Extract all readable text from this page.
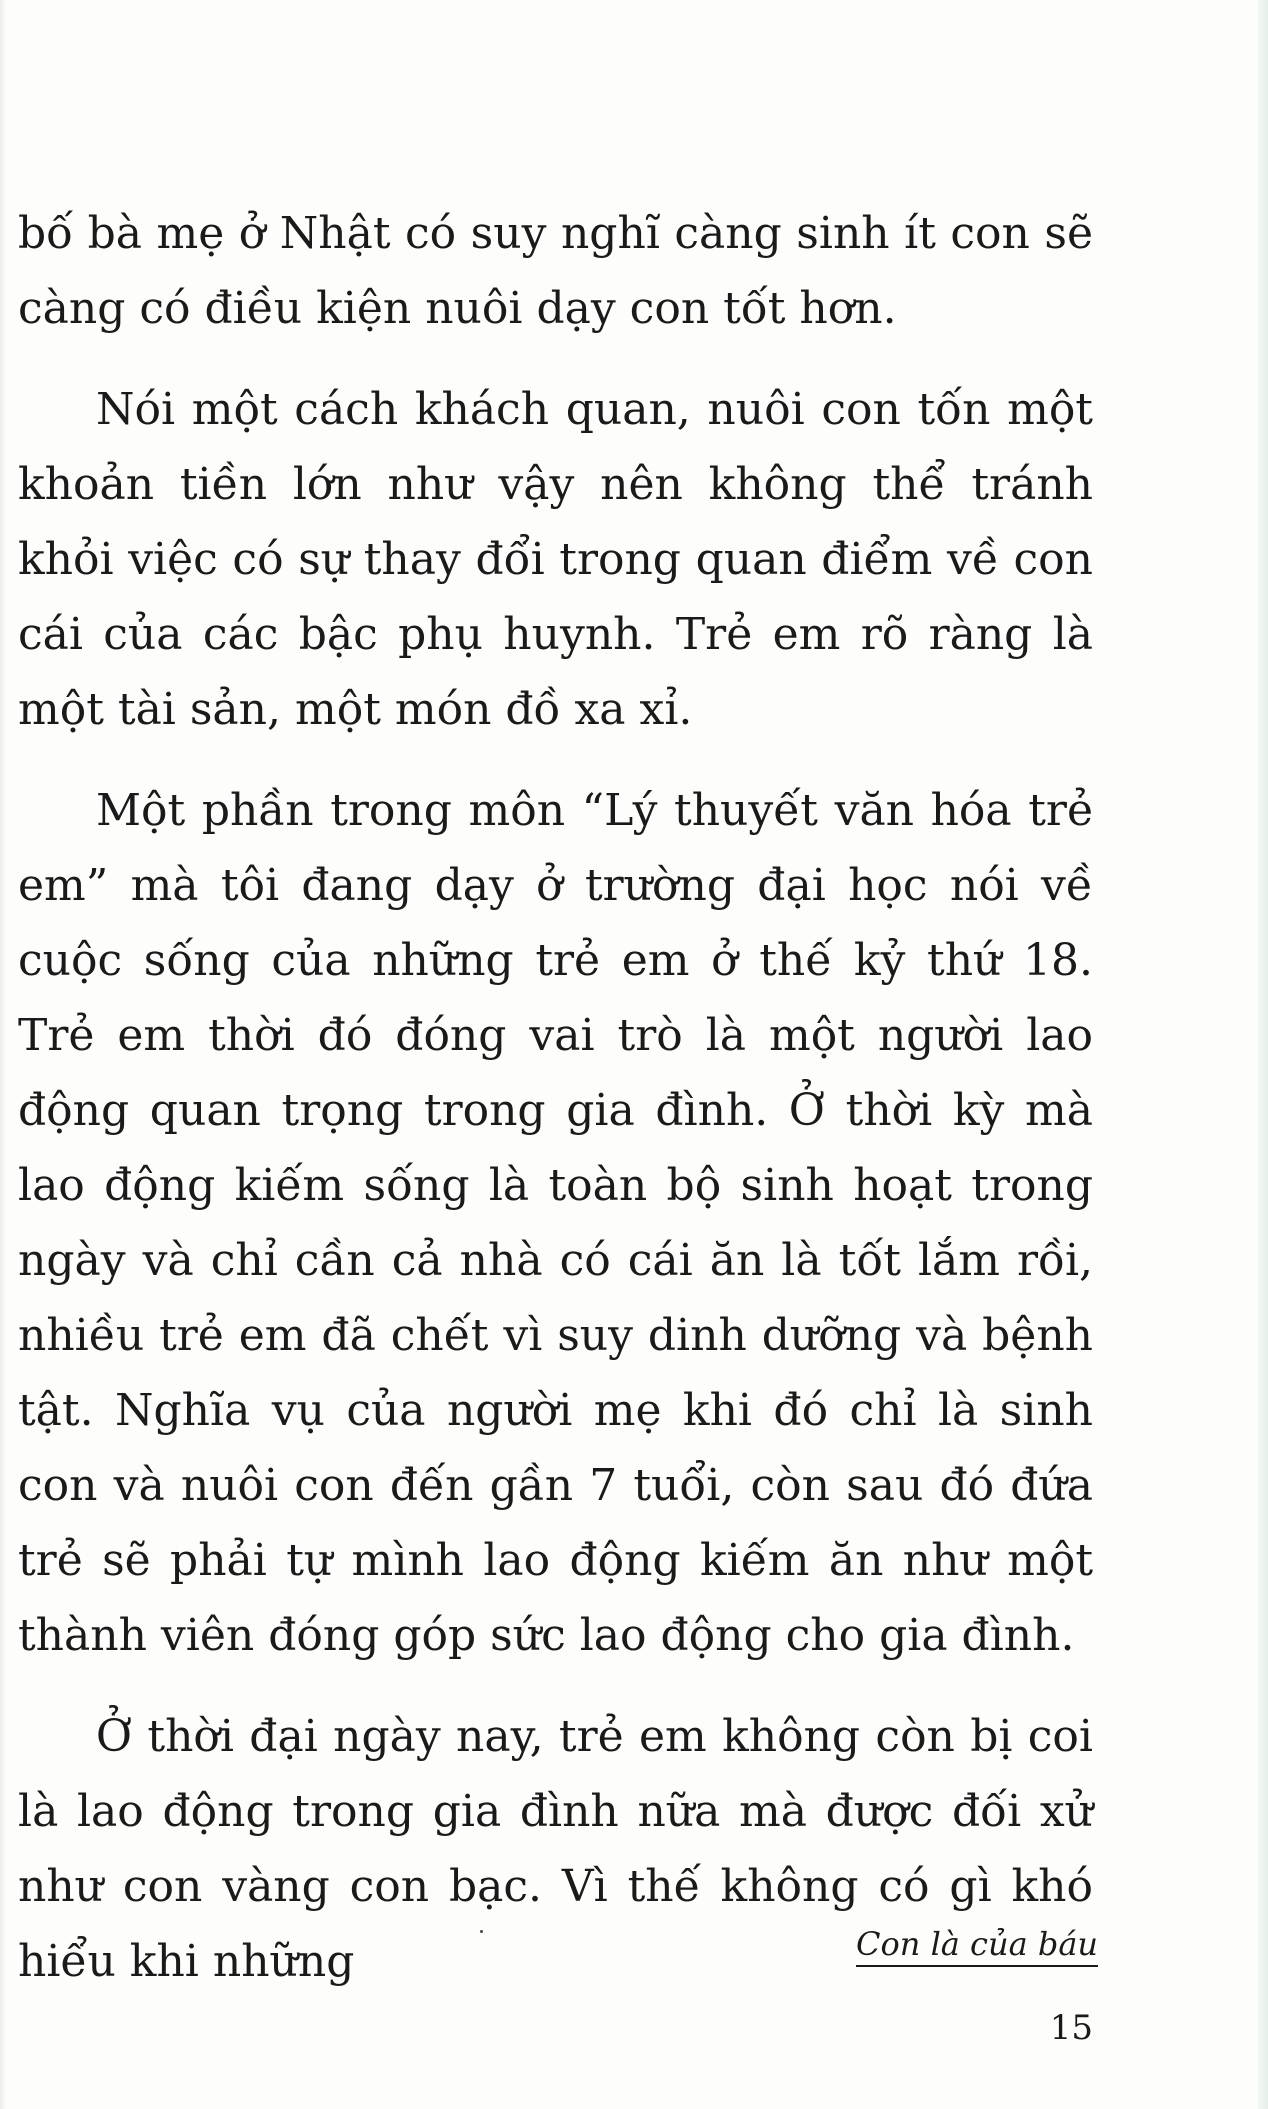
bố bà mẹ ở Nhật có suy nghĩ càng sinh ít con sẽ càng có điều kiện nuôi dạy con tốt hơn.

Nói một cách khách quan, nuôi con tốn một khoản tiền lớn như vậy nên không thể tránh khỏi việc có sự thay đổi trong quan điểm về con cái của các bậc phụ huynh. Trẻ em rõ ràng là một tài sản, một món đồ xa xỉ.

Một phần trong môn “Lý thuyết văn hóa trẻ em” mà tôi đang dạy ở trường đại học nói về cuộc sống của những trẻ em ở thế kỷ thứ 18. Trẻ em thời đó đóng vai trò là một người lao động quan trọng trong gia đình. Ở thời kỳ mà lao động kiếm sống là toàn bộ sinh hoạt trong ngày và chỉ cần cả nhà có cái ăn là tốt lắm rồi, nhiều trẻ em đã chết vì suy dinh dưỡng và bệnh tật. Nghĩa vụ của người mẹ khi đó chỉ là sinh con và nuôi con đến gần 7 tuổi, còn sau đó đứa trẻ sẽ phải tự mình lao động kiếm ăn như một thành viên đóng góp sức lao động cho gia đình.

Ở thời đại ngày nay, trẻ em không còn bị coi là lao động trong gia đình nữa mà được đối xử như con vàng con bạc. Vì thế không có gì khó hiểu khi những	Con là của báu
15
